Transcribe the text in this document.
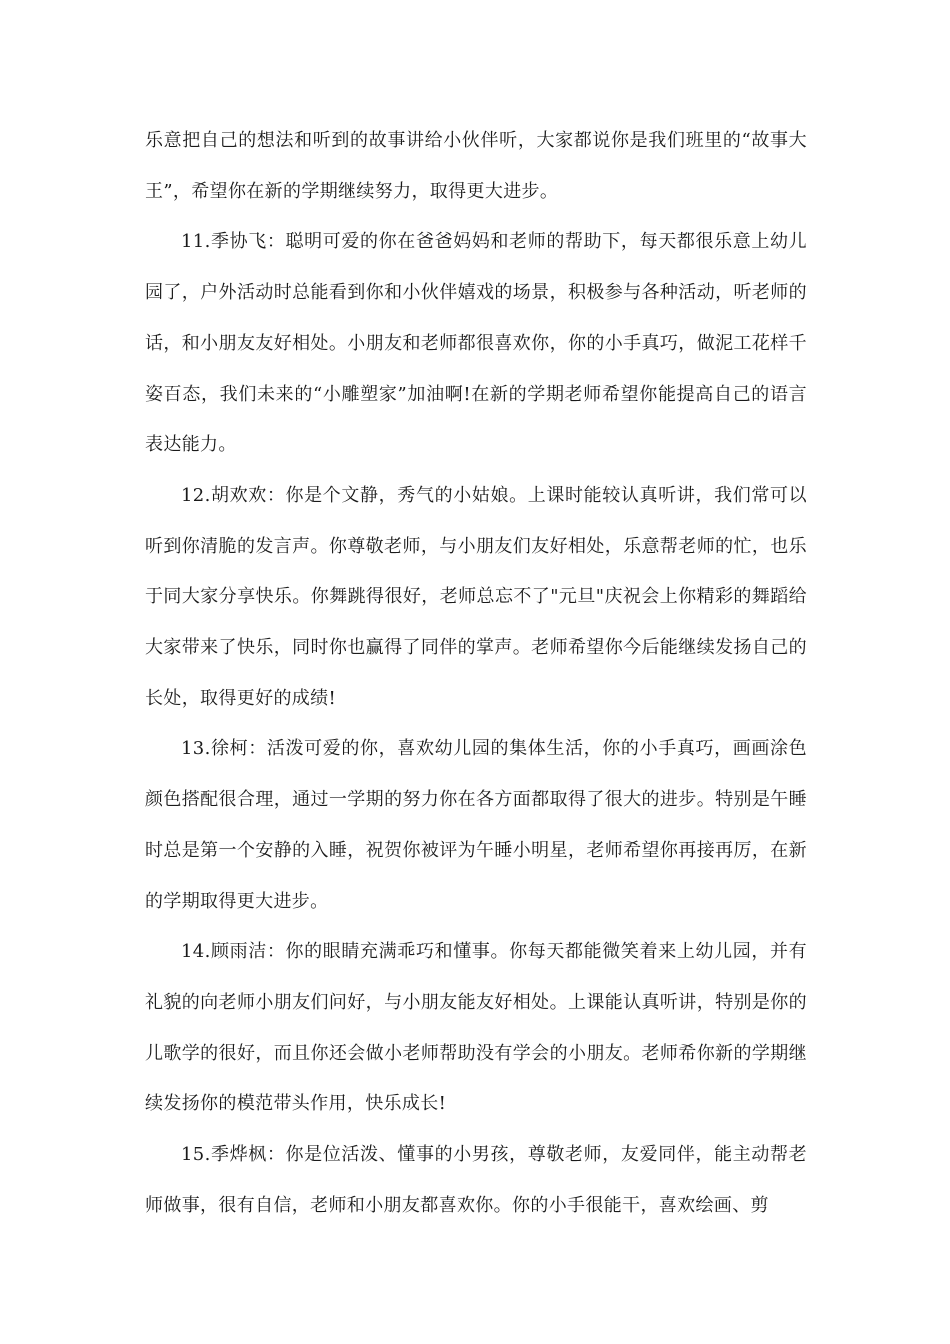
乐意把自己的想法和听到的故事讲给小伙伴听，大家都说你是我们班里的“故事大王”，希望你在新的学期继续努力，取得更大进步。

11.季协飞：聪明可爱的你在爸爸妈妈和老师的帮助下，每天都很乐意上幼儿园了，户外活动时总能看到你和小伙伴嬉戏的场景，积极参与各种活动，听老师的话，和小朋友友好相处。小朋友和老师都很喜欢你，你的小手真巧，做泥工花样千姿百态，我们未来的“小雕塑家”加油啊!在新的学期老师希望你能提高自己的语言表达能力。

12.胡欢欢：你是个文静，秀气的小姑娘。上课时能较认真听讲，我们常可以听到你清脆的发言声。你尊敬老师，与小朋友们友好相处，乐意帮老师的忙，也乐于同大家分享快乐。你舞跳得很好，老师总忘不了"元旦"庆祝会上你精彩的舞蹈给大家带来了快乐，同时你也赢得了同伴的掌声。老师希望你今后能继续发扬自己的长处，取得更好的成绩!

13.徐柯：活泼可爱的你，喜欢幼儿园的集体生活，你的小手真巧，画画涂色颜色搭配很合理，通过一学期的努力你在各方面都取得了很大的进步。特别是午睡时总是第一个安静的入睡，祝贺你被评为午睡小明星，老师希望你再接再厉，在新的学期取得更大进步。

14.顾雨洁：你的眼睛充满乖巧和懂事。你每天都能微笑着来上幼儿园，并有礼貌的向老师小朋友们问好，与小朋友能友好相处。上课能认真听讲，特别是你的儿歌学的很好，而且你还会做小老师帮助没有学会的小朋友。老师希你新的学期继续发扬你的模范带头作用，快乐成长!

15.季烨枫：你是位活泼、懂事的小男孩，尊敬老师，友爱同伴，能主动帮老师做事，很有自信，老师和小朋友都喜欢你。你的小手很能干，喜欢绘画、剪
